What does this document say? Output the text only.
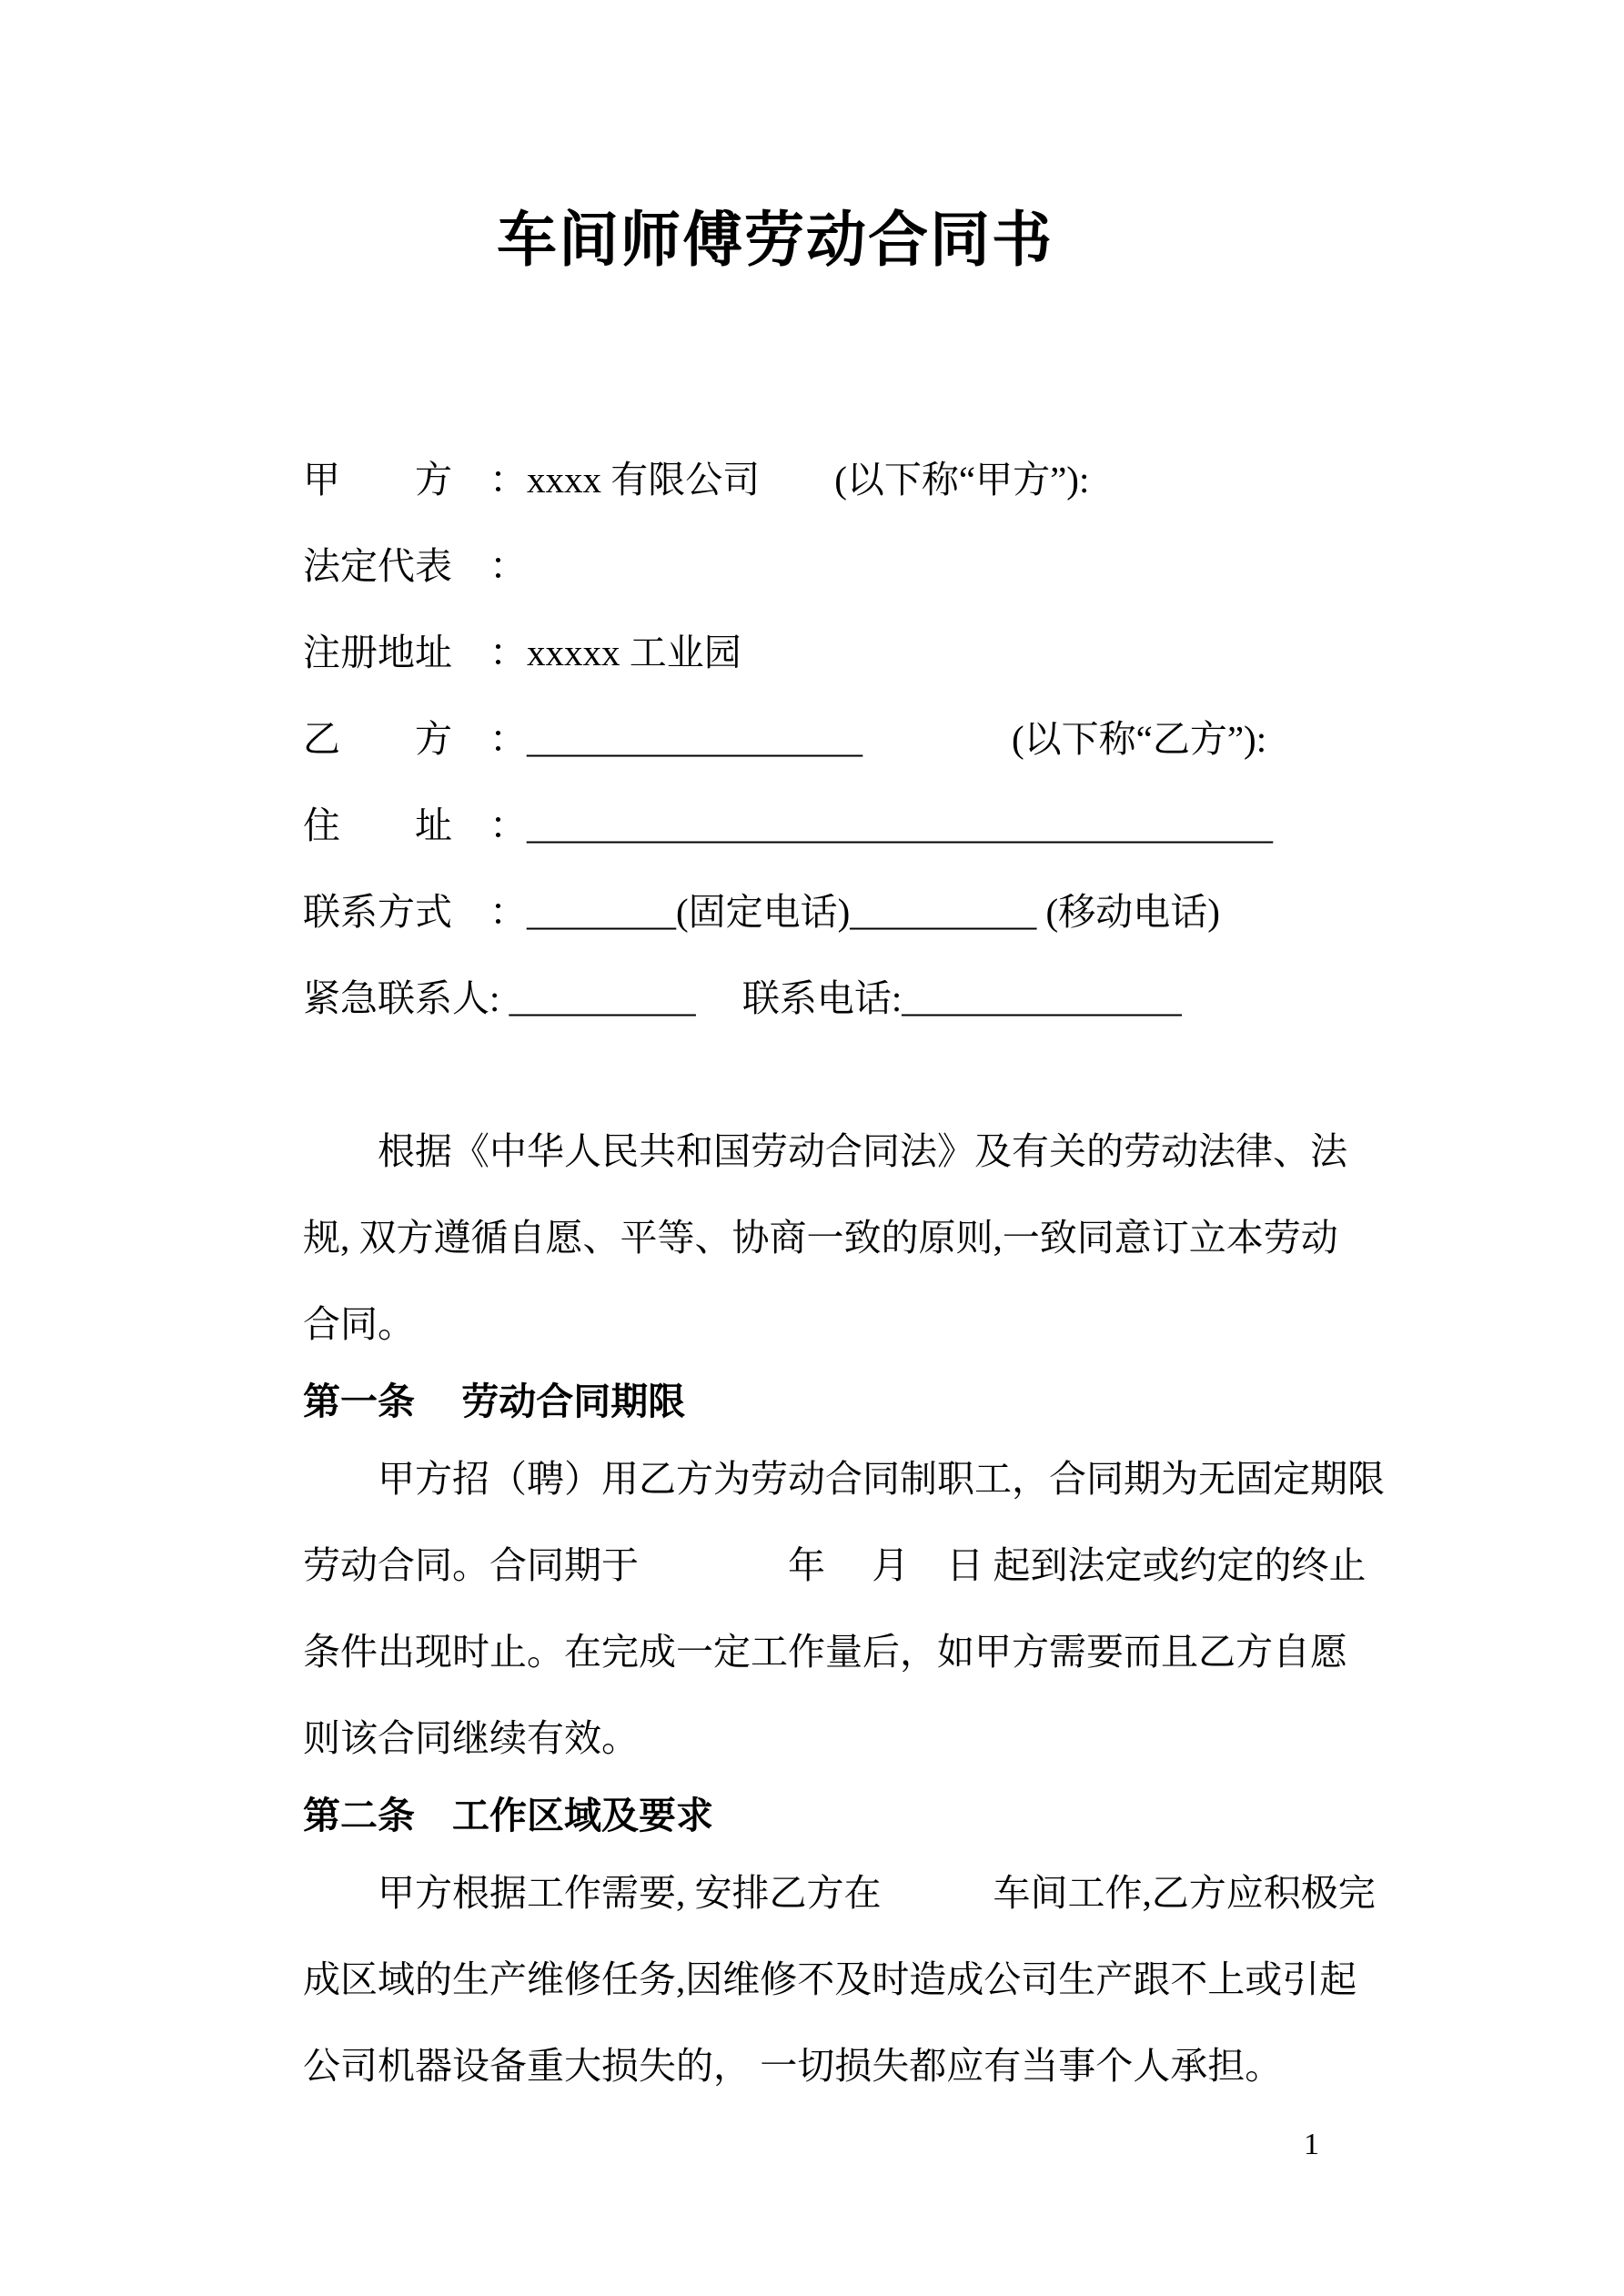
车间师傅劳动合同书
甲　　方　：xxxx 有限公司　　(以下称“甲方”):
法定代表　：
注册地址　：xxxxx 工业园
乙　　方　：__________________　　　　(以下称“乙方”):
住　　址　：________________________________________
联系方式　：________(固定电话)__________ (移动电话)
紧急联系人: __________　 联系电话:_______________
　　根据《中华人民共和国劳动合同法》及有关的劳动法律、法
规, 双方遵循自愿、平等、协商一致的原则,一致同意订立本劳动
合同。
第一条　 劳动合同期限
　　甲方招（聘）用乙方为劳动合同制职工，合同期为无固定期限
劳动合同。合同期于　　　　年　 月　日 起到法定或约定的终止
条件出现时止。在完成一定工作量后，如甲方需要而且乙方自愿
则该合同继续有效。
第二条　工作区域及要求
　　甲方根据工作需要, 安排乙方在　　　车间工作,乙方应积极完
成区域的生产维修任务,因维修不及时造成公司生产跟不上或引起
公司机器设备重大损失的， 一切损失都应有当事个人承担。
1
